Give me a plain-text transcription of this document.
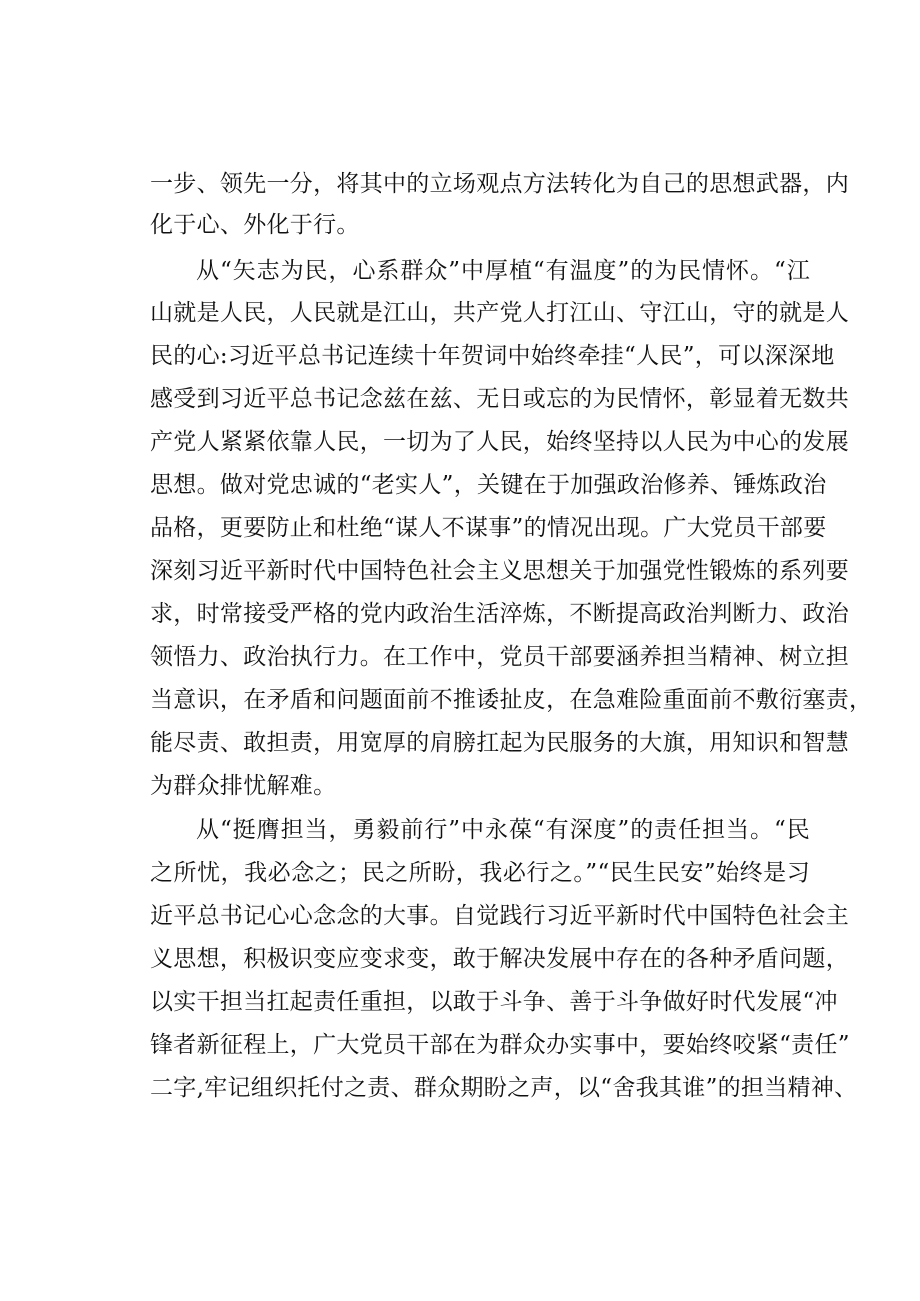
一步、领先一分，将其中的立场观点方法转化为自己的思想武器，内
化于心、外化于行。
从“矢志为民，心系群众”中厚植“有温度”的为民情怀。“江
山就是人民，人民就是江山，共产党人打江山、守江山，守的就是人
民的心:习近平总书记连续十年贺词中始终牵挂“人民”，可以深深地
感受到习近平总书记念兹在兹、无日或忘的为民情怀，彰显着无数共
产党人紧紧依靠人民，一切为了人民，始终坚持以人民为中心的发展
思想。做对党忠诚的“老实人”，关键在于加强政治修养、锤炼政治
品格，更要防止和杜绝“谋人不谋事”的情况出现。广大党员干部要
深刻习近平新时代中国特色社会主义思想关于加强党性锻炼的系列要
求，时常接受严格的党内政治生活淬炼，不断提高政治判断力、政治
领悟力、政治执行力。在工作中，党员干部要涵养担当精神、树立担
当意识，在矛盾和问题面前不推诿扯皮，在急难险重面前不敷衍塞责，
能尽责、敢担责，用宽厚的肩膀扛起为民服务的大旗，用知识和智慧
为群众排忧解难。
从“挺膺担当，勇毅前行”中永葆“有深度”的责任担当。“民
之所忧，我必念之；民之所盼，我必行之。”“民生民安”始终是习
近平总书记心心念念的大事。自觉践行习近平新时代中国特色社会主
义思想，积极识变应变求变，敢于解决发展中存在的各种矛盾问题，
以实干担当扛起责任重担，以敢于斗争、善于斗争做好时代发展“冲
锋者新征程上，广大党员干部在为群众办实事中，要始终咬紧“责任”
二字,牢记组织托付之责、群众期盼之声，以“舍我其谁”的担当精神、
